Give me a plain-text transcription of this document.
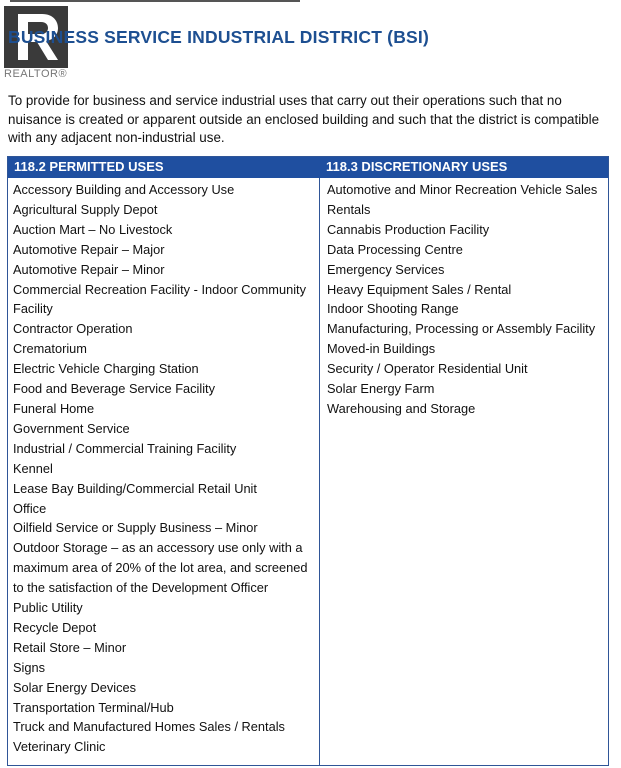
REALTOR®
BUSINESS SERVICE INDUSTRIAL DISTRICT (BSI)
To provide for business and service industrial uses that carry out their operations such that no nuisance is created or apparent outside an enclosed building and such that the district is compatible with any adjacent non-industrial use.
118.2 PERMITTED USES	118.3 DISCRETIONARY USES
Accessory Building and Accessory Use
Agricultural Supply Depot
Auction Mart – No Livestock
Automotive Repair – Major
Automotive Repair – Minor
Commercial Recreation Facility - Indoor Community Facility
Contractor Operation
Crematorium
Electric Vehicle Charging Station
Food and Beverage Service Facility
Funeral Home
Government Service
Industrial / Commercial Training Facility
Kennel
Lease Bay Building/Commercial Retail Unit
Office
Oilfield Service or Supply Business – Minor
Outdoor Storage – as an accessory use only with a maximum area of 20% of the lot area, and screened to the satisfaction of the Development Officer
Public Utility
Recycle Depot
Retail Store – Minor
Signs
Solar Energy Devices
Transportation Terminal/Hub
Truck and Manufactured Homes Sales / Rentals
Veterinary Clinic
Automotive and Minor Recreation Vehicle Sales Rentals
Cannabis Production Facility
Data Processing Centre
Emergency Services
Heavy Equipment Sales / Rental
Indoor Shooting Range
Manufacturing, Processing or Assembly Facility
Moved-in Buildings
Security / Operator Residential Unit
Solar Energy Farm
Warehousing and Storage
